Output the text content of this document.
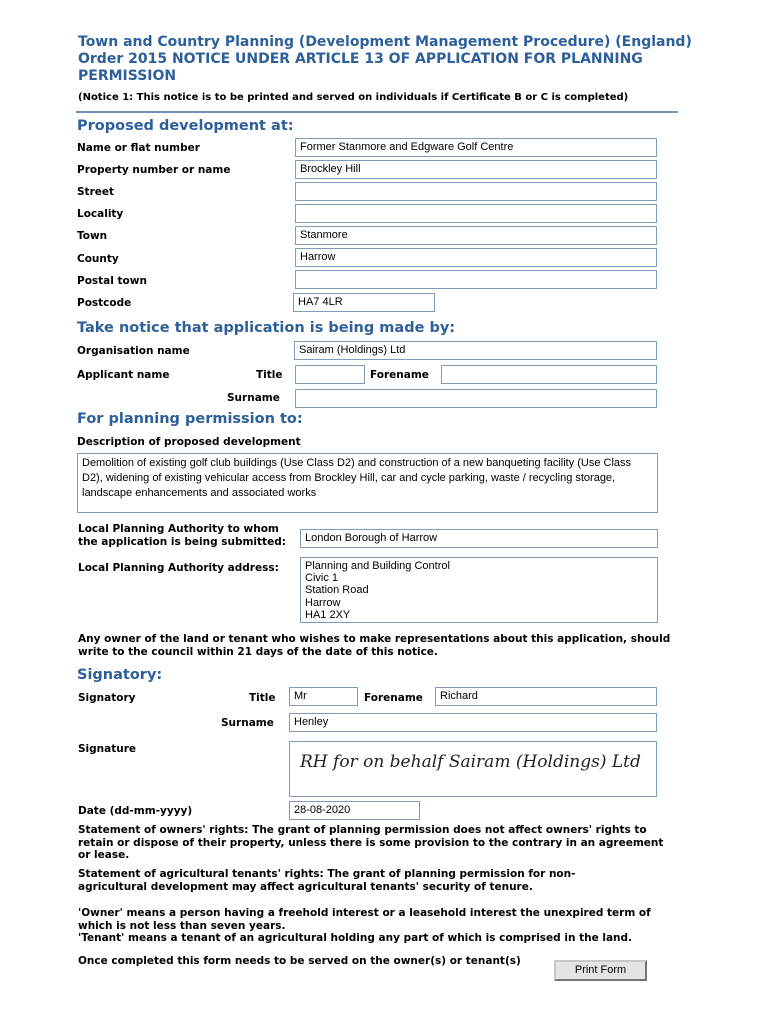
Town and Country Planning (Development Management Procedure) (England) Order 2015 NOTICE UNDER ARTICLE 13 OF APPLICATION FOR PLANNING PERMISSION
(Notice 1: This notice is to be printed and served on individuals if Certificate B or C is completed)
Proposed development at:
Name or flat number	Former Stanmore and Edgware Golf Centre
Property number or name	Brockley Hill
Street
Locality
Town	Stanmore
County	Harrow
Postal town
Postcode	HA7 4LR
Take notice that application is being made by:
Organisation name	Sairam (Holdings) Ltd
Applicant name	Title	Forename
Surname
For planning permission to:
Description of proposed development
Demolition of existing golf club buildings (Use Class D2) and construction of a new banqueting facility (Use Class D2), widening of existing vehicular access from Brockley Hill, car and cycle parking, waste / recycling storage, landscape enhancements and associated works
Local Planning Authority to whom the application is being submitted:	London Borough of Harrow
Local Planning Authority address:	Planning and Building Control
Civic 1
Station Road
Harrow
HA1 2XY
Any owner of the land or tenant who wishes to make representations about this application, should write to the council within 21 days of the date of this notice.
Signatory:
Signatory	Title	Mr	Forename	Richard
Surname	Henley
Signature
RH for on behalf Sairam (Holdings) Ltd
Date (dd-mm-yyyy)	28-08-2020
Statement of owners' rights: The grant of planning permission does not affect owners' rights to retain or dispose of their property, unless there is some provision to the contrary in an agreement or lease.
Statement of agricultural tenants' rights: The grant of planning permission for non-agricultural development may affect agricultural tenants' security of tenure.
'Owner' means a person having a freehold interest or a leasehold interest the unexpired term of which is not less than seven years.
'Tenant' means a tenant of an agricultural holding any part of which is comprised in the land.
Once completed this form needs to be served on the owner(s) or tenant(s)
Print Form
